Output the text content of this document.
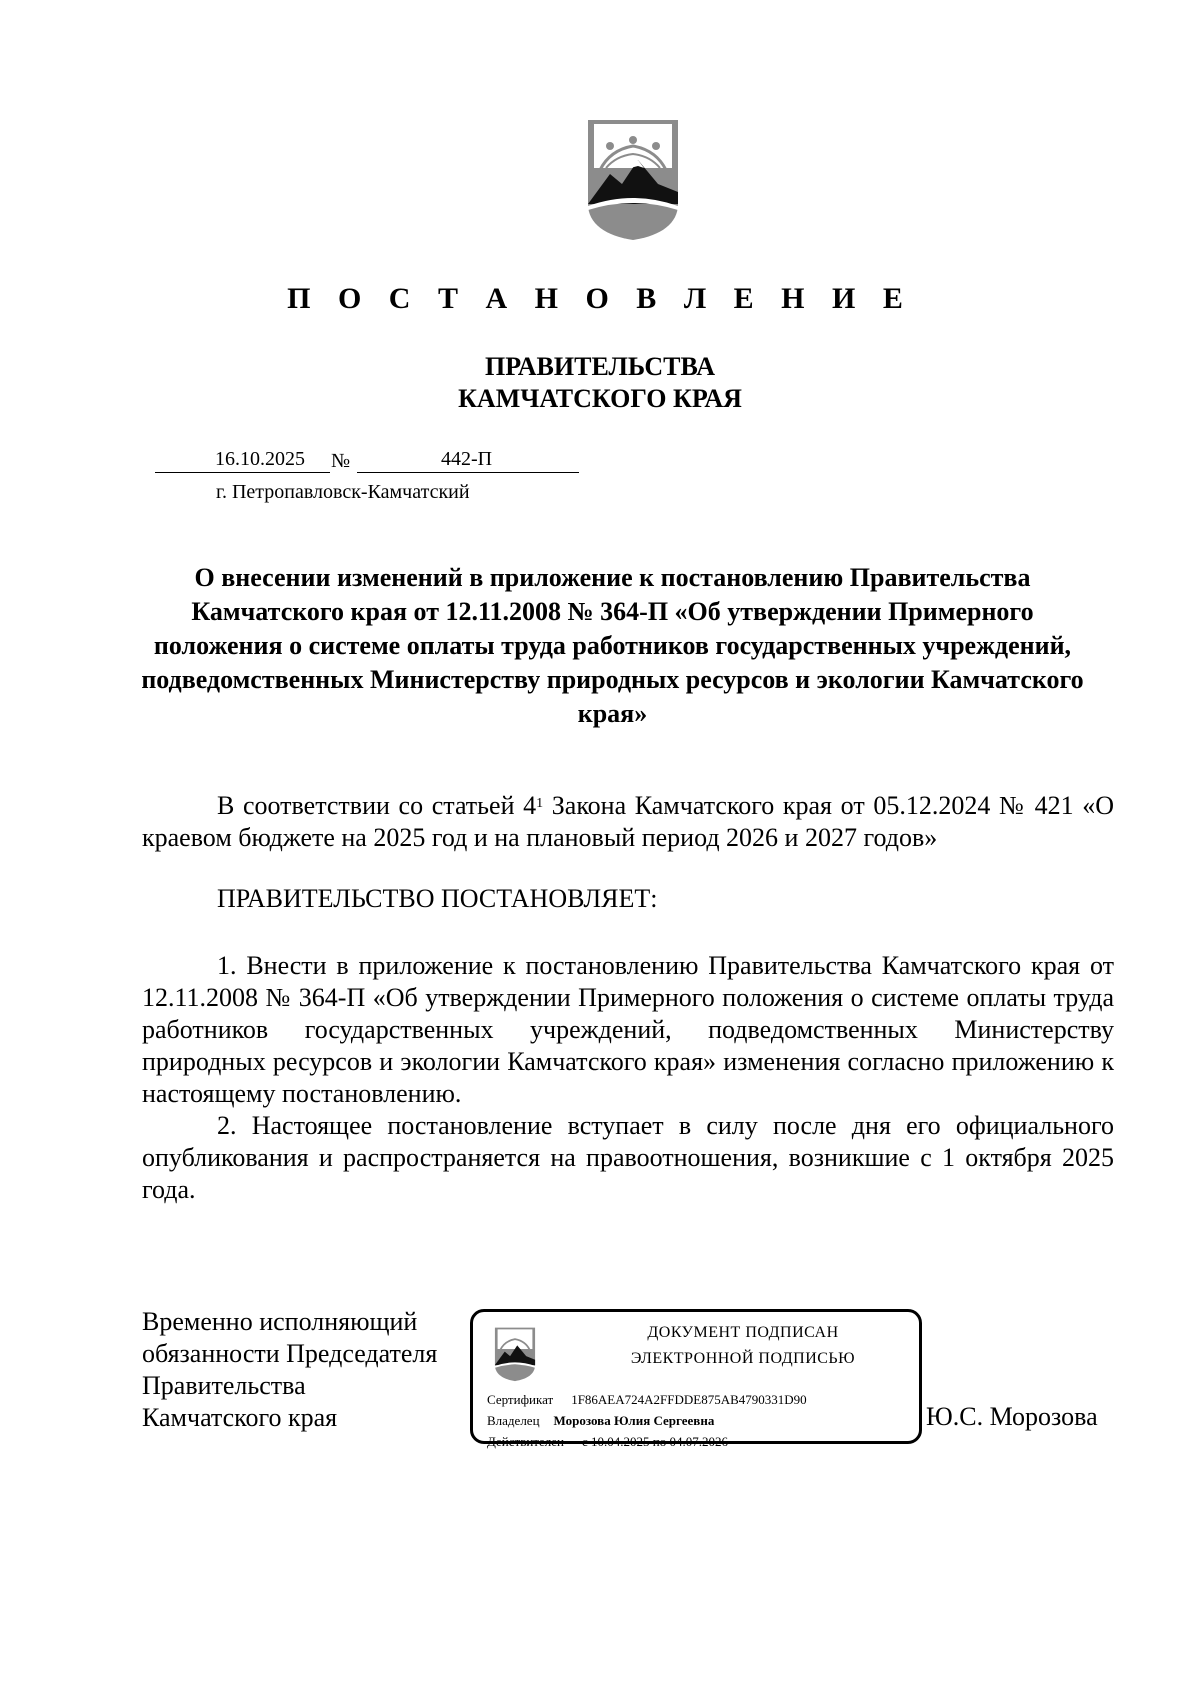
П О С Т А Н О В Л Е Н И Е
ПРАВИТЕЛЬСТВА
КАМЧАТСКОГО КРАЯ
16.10.2025	№	442-П
г. Петропавловск-Камчатский
О внесении изменений в приложение к постановлению Правительства Камчатского края от 12.11.2008 № 364-П «Об утверждении Примерного положения о системе оплаты труда работников государственных учреждений, подведомственных Министерству природных ресурсов и экологии Камчатского края»
В соответствии со статьей $4^1$ Закона Камчатского края от 05.12.2024 № 421 «О краевом бюджете на 2025 год и на плановый период 2026 и 2027 годов»
ПРАВИТЕЛЬСТВО ПОСТАНОВЛЯЕТ:
1. Внести в приложение к постановлению Правительства Камчатского края от 12.11.2008 № 364-П «Об утверждении Примерного положения о системе оплаты труда работников государственных учреждений, подведомственных Министерству природных ресурсов и экологии Камчатского края» изменения согласно приложению к настоящему постановлению.
2. Настоящее постановление вступает в силу после дня его официального опубликования и распространяется на правоотношения, возникшие с 1 октября 2025 года.
Временно исполняющий
обязанности Председателя
Правительства
Камчатского края
ДОКУМЕНТ ПОДПИСАН
ЭЛЕКТРОННОЙ ПОДПИСЬЮ
Сертификат 1F86AEA724A2FFDDE875AB4790331D90
Владелец Морозова Юлия Сергеевна
Действителен с 10.04.2025 по 04.07.2026
Ю.С. Морозова
